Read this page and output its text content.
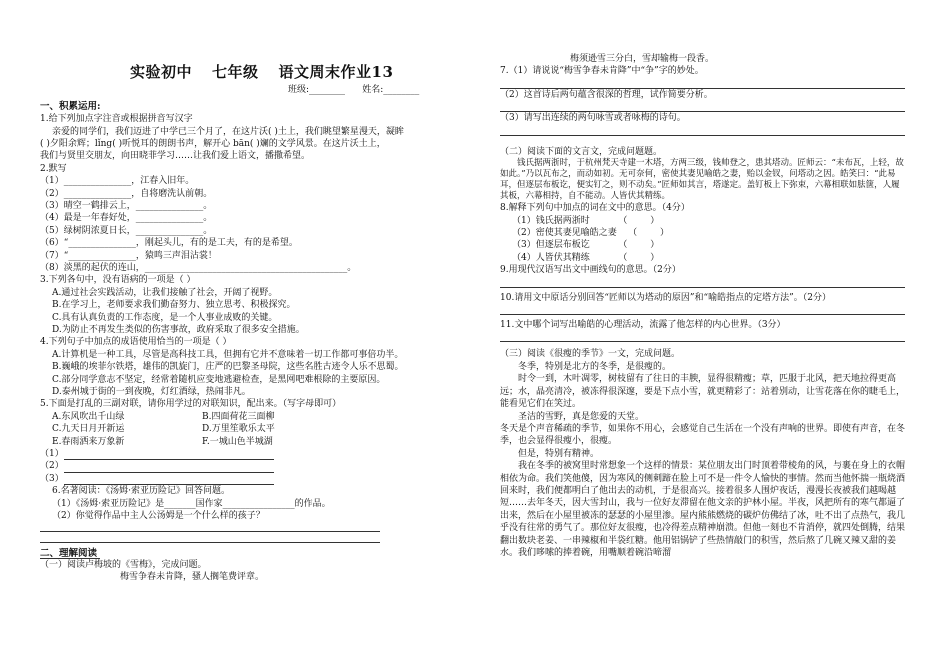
实验初中 七年级 语文周末作业13
班级:________ 姓名:________
一、积累运用:
1.给下列加点字注音或根据拼音写汉字
亲爱的同学们，我们迈进了中学已三个月了，在这片沃( )土上，我们眺望繁星漫天，凝眸
( )夕阳余辉；lǐng( )听悦耳的朗朗书声，解开心 bān( )斓的文学风景。在这片沃土上，
我们与贤里交朋友，向田晓菲学习……让我们爱上语文，播撒希望。
2.默写
（1）_______________，江春入旧年。
（2）_______________，自将磨洗认前朝。
（3）晴空一鹤排云上，_______________。
（4）最是一年春好处，_______________。
（5）绿树阴浓夏日长，_______________。
（6）“_______________，刚起头儿，有的是工夫，有的是希望。
（7）“_______________，猿鸣三声泪沾裳！
（8）淡黑的起伏的连山，_____________________________________________。
3.下列各句中，没有语病的一项是（ ）
A.通过社会实践活动，让我们接触了社会，开阔了视野。
B.在学习上，老师要求我们勤奋努力、独立思考、积极探究。
C.具有认真负责的工作态度，是一个人事业成败的关键。
D.为防止不再发生类似的伤害事故，政府采取了很多安全措施。
4.下列句子中加点的成语使用恰当的一项是（ ）
A.计算机是一种工具，尽管是高科技工具，但拥有它并不意味着一切工作都可事倍功半。
B.巍峨的埃菲尔铁塔，雄伟的凯旋门，庄严的巴黎圣母院，这些名胜古迹令人乐不思蜀。
C.部分同学意志不坚定，经常着随机应变地逃避检查，是黑网吧难根除的主要原因。
D.泰州城于街的一到夜晚，灯红酒绿，热闹非凡。
5.下面是打乱的三副对联，请你用学过的对联知识，配出来。（写字母即可）
A.东风吹出千山绿	B.四面荷花三面柳
C.九天日月开新运	D.万里笙歌乐太平
E.春雨洒来万象新	F.一城山色半城湖
（1）
（2）
（3）
6.名著阅读：《汤姆·索亚历险记》回答问题。
（1）《汤姆·索亚历险记》是_______国作家________________的作品。
（2）你觉得作品中主人公汤姆是一个什么样的孩子？
二、理解阅读
（一）阅读卢梅坡的《雪梅》，完成问题。
梅雪争春未肯降，骚人搁笔费评章。
梅须逊雪三分白，雪却输梅一段香。
7.（1）请说说“梅雪争春未肯降”中“争”字的妙处。
（2）这首诗后两句蕴含很深的哲理，试作简要分析。
（3）请写出连续的两句咏雪或者咏梅的诗句。
（二）阅读下面的文言文，完成问题题。

钱氏据两浙时，于杭州梵天寺建一木塔，方两三级，钱帅登之，患其塔动。匠师云：“未布瓦，上轻，故如此。”乃以瓦布之，而动如初。无可奈何，密使其妻见喻皓之妻，贻以金钗，问塔动之因。皓笑曰：“此易耳，但逐层布板讫，便实钉之，则不动矣。”匠师如其言，塔遂定。盖钉板上下弥束，六幕相联如胠箧，人履其板，六幕相持，自不能动。人皆伏其精练。

8.解释下列句中加点的词在文中的意思。（4分）
（1）钱氏据两浙时          （        ）
（2）密使其妻见喻皓之妻    （        ）
（3）但逐层布板讫          （        ）
（4）人皆伏其精练          （        ）
9.用现代汉语写出文中画线句的意思。（2分）
10.请用文中原话分别回答“匠师以为塔动的原因”和“喻皓指点的定塔方法”。（2分）
11.文中哪个词写出喻皓的心理活动，流露了他怎样的内心世界。（3分）
（三）阅读《很瘦的季节》一文，完成问题。

冬季，特别是北方的冬季，是很瘦的。

时令一到，木叶凋零，树枝留有了往日的丰腴，显得很精瘦；草，匹服于北风，把天地拉得更高远；水，晶亮清冷，被冻得很深邃，要是下点小雪，就更精彩了：站着别动，让雪花落在你的睫毛上，能看见它们在笑过。

圣洁的雪野，真是您爱的天堂。

冬天是个声音稀疏的季节，如果你不用心，会感觉自己生活在一个没有声响的世界。即使有声音，在冬季，也会显得很瘦小，很瘦。

但是，特别有精神。

我在冬季的被窝里时常想象一个这样的情景：某位朋友出门时顶着带棱角的风，与裹在身上的衣帽相依为命。我们笑他傻，因为寒风的侧刺蹄在脸上可不是一件令人愉快的事情。然而当他怀揣一瓶烧酒回来时，我们便都明白了他出去的动机，于是很高兴。接着很多人围炉夜话，漫漫长夜被我们越喝越短……去年冬天，因大雪封山，我与一位好友滞留在他文亲的护林小屋。半夜，风把所有的寒气都逼了出来，然后在小屋里被冻的瑟瑟的小屋里渗。屋内熊熊燃烧的碳炉仿佛结了冰，吐不出了点热气，我几乎没有往常的勇气了。那位好友很瘦，也冷得差点精神崩溃。但他一刻也不肯消停，就四处倒腾，结果翻出数块老姜、一串辣椒和半袋红糖。他用铝锅铲了些热情敲门的积雪，然后熬了几碗又辣又甜的姜水。我们哆嗦的捧着碗，用嘴顺着碗沿啼溜
